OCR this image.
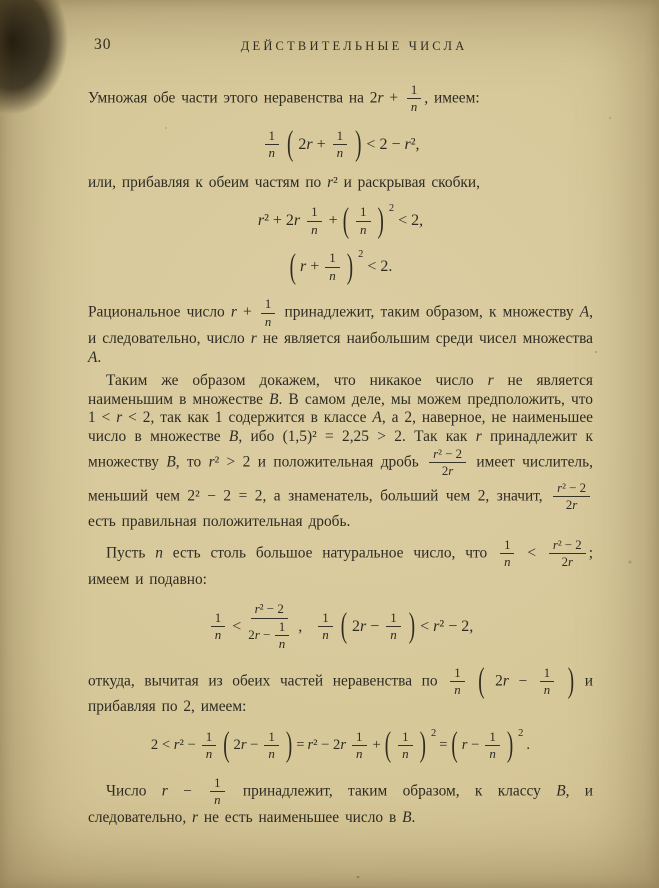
30	ДЕЙСТВИТЕЛЬНЫЕ ЧИСЛА

Умножая обе части этого неравенства на $2r + \frac{1}{n}$ , имеем:

$\frac{1}{n}$ ( $2r + \frac{1}{n}$ ) < 2 − r²,

или, прибавляя к обеим частям по r² и раскрывая скобки,

$r^2 + 2r \frac{1}{n}$ + ( $\frac{1}{n}$ ) 2
< 2,
( $r + \frac{1}{n}$ ) 2
< 2.

Рациональное число $r + \frac{1}{n}$ принадлежит, таким образом, к множеству A, и следовательно, число r не является наибольшим среди чисел множества A.

Таким же образом докажем, что никакое число r не является наименьшим в множестве B. В самом деле, мы можем предположить, что 1 < r < 2, так как 1 содержится в классе A, а 2, наверное, не наименьшее число в множестве B, ибо (1,5)² = 2,25 > 2. Так как r принадлежит к множеству B, то r² > 2 и положительная дробь $\frac{\text{r² − 2}}{2r}$ имеет числитель, меньший чем 2² − 2 = 2, а знаменатель, больший чем 2, значит, $\frac{\text{r² − 2}}{2r}$
есть правильная положительная дробь.

Пусть n есть столь большое натуральное число, что $\frac{1}{n} < \frac{\text{r² − 2}}{2r}$ ; имеем и подавно:

$\frac{1}{n} < \frac{\text{r² − 2}}{2r - \frac{1}{n}}$ , $\frac{1}{n}$ ( $2r - \frac{1}{n}$ ) < r² − 2,

откуда, вычитая из обеих частей неравенства по $\frac{1}{n}$ ( $2r - \frac{1}{n}$ ) и прибавляя по 2, имеем:

$2 < r^2 - \frac{1}{n}$ ( $2r - \frac{1}{n}$ ) = $r^2 - 2r \frac{1}{n}$ + ( $\frac{1}{n}$ ) 2
= ( $r - \frac{1}{n}$ ) 2
.

Число $r - \frac{1}{n}$ принадлежит, таким образом, к классу B, и следовательно, r не есть наименьшее число в B.
